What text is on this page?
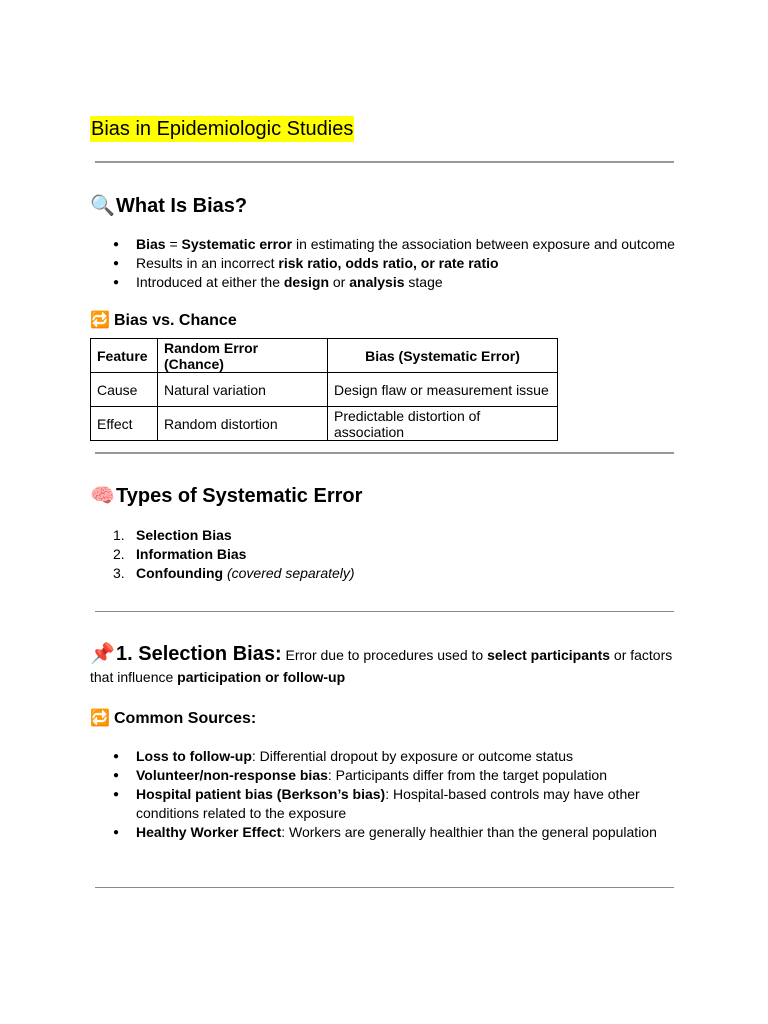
Bias in Epidemiologic Studies
🔍What Is Bias?
● Bias = Systematic error in estimating the association between exposure and outcome
● Results in an incorrect risk ratio, odds ratio, or rate ratio
● Introduced at either the design or analysis stage
🔁 Bias vs. Chance
Feature	Random Error (Chance)	Bias (Systematic Error)
Cause	Natural variation	Design flaw or measurement issue
Effect	Random distortion	Predictable distortion of association
🧠Types of Systematic Error
1. Selection Bias
2. Information Bias
3. Confounding (covered separately)
📌1. Selection Bias: Error due to procedures used to select participants or factors that influence participation or follow-up
🔁 Common Sources:
● Loss to follow-up: Differential dropout by exposure or outcome status
● Volunteer/non-response bias: Participants differ from the target population
● Hospital patient bias (Berkson’s bias): Hospital-based controls may have other conditions related to the exposure
● Healthy Worker Effect: Workers are generally healthier than the general population
